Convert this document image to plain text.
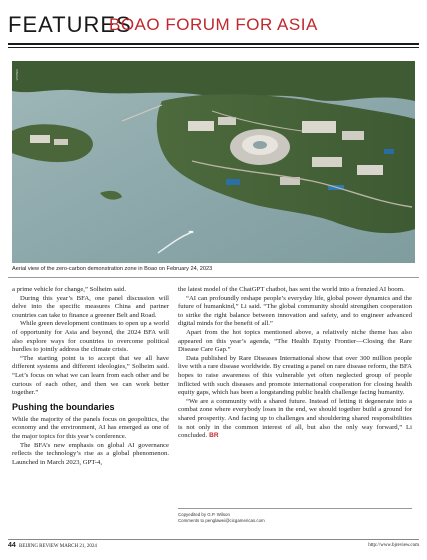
FEATURES
BOAO FORUM FOR ASIA
XINHUA
Aerial view of the zero-carbon demonstration zone in Boao on February 24, 2023

a prime vehicle for change,” Solheim said.

During this year’s BFA, one panel discussion will delve into the specific measures China and partner countries can take to finance a greener Belt and Road.

While green development continues to open up a world of opportunity for Asia and beyond, the 2024 BFA will also explore ways for countries to overcome political hurdles to jointly address the climate crisis.

“The starting point is to accept that we all have different systems and different ideologies,” Solheim said. “Let’s focus on what we can learn from each other and be curious of each other, and then we can work better together.”

Pushing the boundaries

While the majority of the panels focus on geopolitics, the economy and the environment, AI has emerged as one of the major topics for this year’s conference.

The BFA’s new emphasis on global AI governance reflects the technology’s rise as a global phenomenon. Launched in March 2023, GPT-4,

the latest model of the ChatGPT chatbot, has sent the world into a frenzied AI boom.

“AI can profoundly reshape people’s everyday life, global power dynamics and the future of humankind,” Li said. “The global community should strengthen cooperation to strike the right balance between innovation and safety, and to engineer advanced digital minds for the benefit of all.”

Apart from the hot topics mentioned above, a relatively niche theme has also appeared on this year’s agenda, “The Health Equity Frontier—Closing the Rare Disease Care Gap.”

Data published by Rare Diseases International show that over 300 million people live with a rare disease worldwide. By creating a panel on rare disease reform, the BFA hopes to raise awareness of this vulnerable yet often neglected group of people inflicted with such diseases and promote international cooperation for closing health equity gaps, which has been a longstanding public health challenge facing humanity.

“We are a community with a shared future. Instead of letting it degenerate into a combat zone where everybody loses in the end, we should together build a ground for shared prosperity. And facing up to challenges and shouldering shared responsibilities is not only in the common interest of all, but also the only way forward,” Li concluded. BR

Copyedited by G.P. Wilson
Comments to penglawei@cicgamericas.com
44 BEIJING REVIEW MARCH 21, 2024	http://www.bjreview.com
